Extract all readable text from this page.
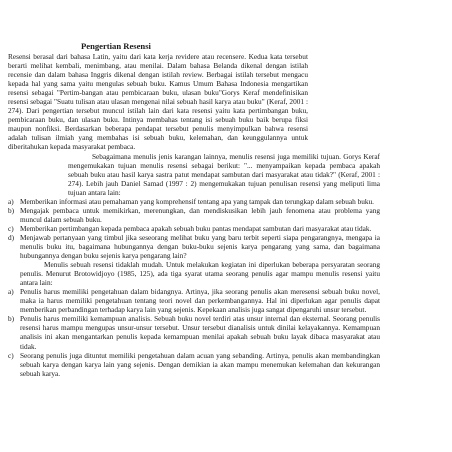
Pengertian Resensi

Resensi berasal dari bahasa Latin, yaitu dari kata kerja revidere atau recensere. Kedua kata tersebut berarti melihat kembali, menimbang, atau menilai. Dalam bahasa Belanda dikenal dengan istilah recensie dan dalam bahasa Inggris dikenal dengan istilah review. Berbagai istilah tersebut mengacu kepada hal yang sama yaitu mengulas sebuah buku. Kamus Umum Bahasa Indonesia mengartikan resensi sebagai "Pertim-bangan atau pembicaraan buku, ulasan buku"Gorys Keraf mendefinisikan resensi sebagai "Suatu tulisan atau ulasan mengenai nilai sebuah hasil karya atau buku" (Keraf, 2001 : 274). Dari pengertian tersebut muncul istilah lain dari kata resensi yaitu kata pertimbangan buku, pembicaraan buku, dan ulasan buku. Intinya membahas tentang isi sebuah buku baik berupa fiksi maupun nonfiksi. Berdasarkan beberapa pendapat tersebut penulis menyimpulkan bahwa resensi adalah tulisan ilmiah yang membahas isi sebuah buku, kelemahan, dan keunggulannya untuk diberitahukan kepada masyarakat pembaca.

Sebagaimana menulis jenis karangan lainnya, menulis resensi juga memiliki tujuan. Gorys Keraf mengemukakan tujuan menulis resensi sebagai berikut: "... menyampaikan kepada pembaca apakah sebuah buku atau hasil karya sastra patut mendapat sambutan dari masyarakat atau tidak?" (Keraf, 2001 : 274). Lebih jauh Daniel Samad (1997 : 2) mengemukakan tujuan penulisan resensi yang meliputi lima tujuan antara lain:

a) Memberikan informasi atau pemahaman yang komprehensif tentang apa yang tampak dan terungkap dalam sebuah buku.
b) Mengajak pembaca untuk memikirkan, merenungkan, dan mendiskusikan lebih jauh fenomena atau problema yang muncul dalam sebuah buku.
c) Memberikan pertimbangan kepada pembaca apakah sebuah buku pantas mendapat sambutan dari masyarakat atau tidak.
d) Menjawab pertanyaan yang timbul jika seseorang melihat buku yang baru terbit seperti siapa pengarangnya, mengapa ia menulis buku itu, bagaimana hubungannya dengan buku-buku sejenis karya pengarang yang sama, dan bagaimana hubungannya dengan buku sejenis karya pengarang lain?

Menulis sebuah resensi tidaklah mudah. Untuk melakukan kegiatan ini diperlukan beberapa persyaratan seorang penulis. Menurut Brotowidjoyo (1985, 125), ada tiga syarat utama seorang penulis agar mampu menulis resensi yaitu antara lain:

a) Penulis harus memiliki pengetahuan dalam bidangnya. Artinya, jika seorang penulis akan meresensi sebuah buku novel, maka ia harus memiliki pengetahuan tentang teori novel dan perkembangannya. Hal ini diperlukan agar penulis dapat memberikan perbandingan terhadap karya lain yang sejenis. Kepekaan analisis juga sangat dipengaruhi unsur tersebut.
b) Penulis harus memiliki kemampuan analisis. Sebuah buku novel terdiri atas unsur internal dan eksternal. Seorang penulis resensi harus mampu mengupas unsur-unsur tersebut. Unsur tersebut dianalisis untuk dinilai kelayakannya. Kemampuan analisis ini akan mengantarkan penulis kepada kemampuan menilai apakah sebuah buku layak dibaca masyarakat atau tidak.
c) Seorang penulis juga dituntut memiliki pengetahuan dalam acuan yang sebanding. Artinya, penulis akan membandingkan sebuah karya dengan karya lain yang sejenis. Dengan demikian ia akan mampu menemukan kelemahan dan kekurangan sebuah karya.
